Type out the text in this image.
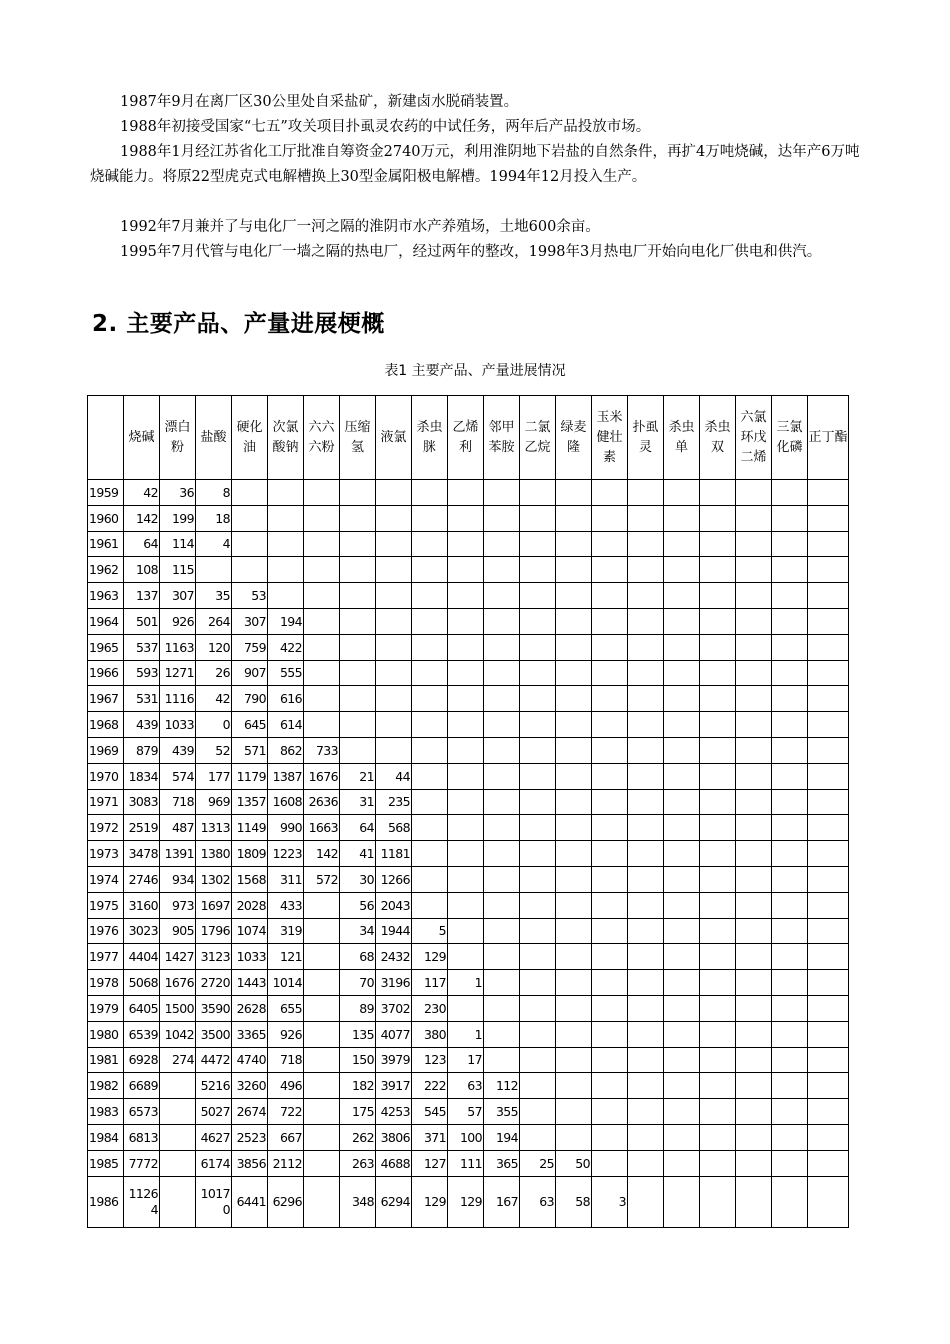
1987年9月在离厂区30公里处自采盐矿，新建卤水脱硝装置。

1988年初接受国家“七五”攻关项目扑虱灵农药的中试任务，两年后产品投放市场。

1988年1月经江苏省化工厅批准自筹资金2740万元，利用淮阴地下岩盐的自然条件，再扩4万吨烧碱，达年产6万吨烧碱能力。将原22型虎克式电解槽换上30型金属阳极电解槽。1994年12月投入生产。

1992年7月兼并了与电化厂一河之隔的淮阴市水产养殖场，土地600余亩。

1995年7月代管与电化厂一墙之隔的热电厂，经过两年的整改，1998年3月热电厂开始向电化厂供电和供汽。

2. 主要产品、产量进展梗概
表1 主要产品、产量进展情况
	烧碱	漂白粉	盐酸	硬化油	次氯酸钠	六六六粉	压缩氢	液氯	杀虫脒	乙烯利	邻甲苯胺	二氯乙烷	绿麦隆	玉米健壮素	扑虱灵	杀虫单	杀虫双	六氯环戊二烯	三氯化磷	正丁酯
1959	42	36	8																	
1960	142	199	18																	
1961	64	114	4																	
1962	108	115																		
1963	137	307	35	53																
1964	501	926	264	307	194															
1965	537	1163	120	759	422															
1966	593	1271	26	907	555															
1967	531	1116	42	790	616															
1968	439	1033	0	645	614															
1969	879	439	52	571	862	733														
1970	1834	574	177	1179	1387	1676	21	44												
1971	3083	718	969	1357	1608	2636	31	235												
1972	2519	487	1313	1149	990	1663	64	568												
1973	3478	1391	1380	1809	1223	142	41	1181												
1974	2746	934	1302	1568	311	572	30	1266												
1975	3160	973	1697	2028	433		56	2043												
1976	3023	905	1796	1074	319		34	1944	5											
1977	4404	1427	3123	1033	121		68	2432	129											
1978	5068	1676	2720	1443	1014		70	3196	117	1										
1979	6405	1500	3590	2628	655		89	3702	230											
1980	6539	1042	3500	3365	926		135	4077	380	1										
1981	6928	274	4472	4740	718		150	3979	123	17										
1982	6689		5216	3260	496		182	3917	222	63	112									
1983	6573		5027	2674	722		175	4253	545	57	355									
1984	6813		4627	2523	667		262	3806	371	100	194									
1985	7772		6174	3856	2112		263	4688	127	111	365	25	50							
1986	11264		10170	6441	6296		348	6294	129	129	167	63	58	3						
